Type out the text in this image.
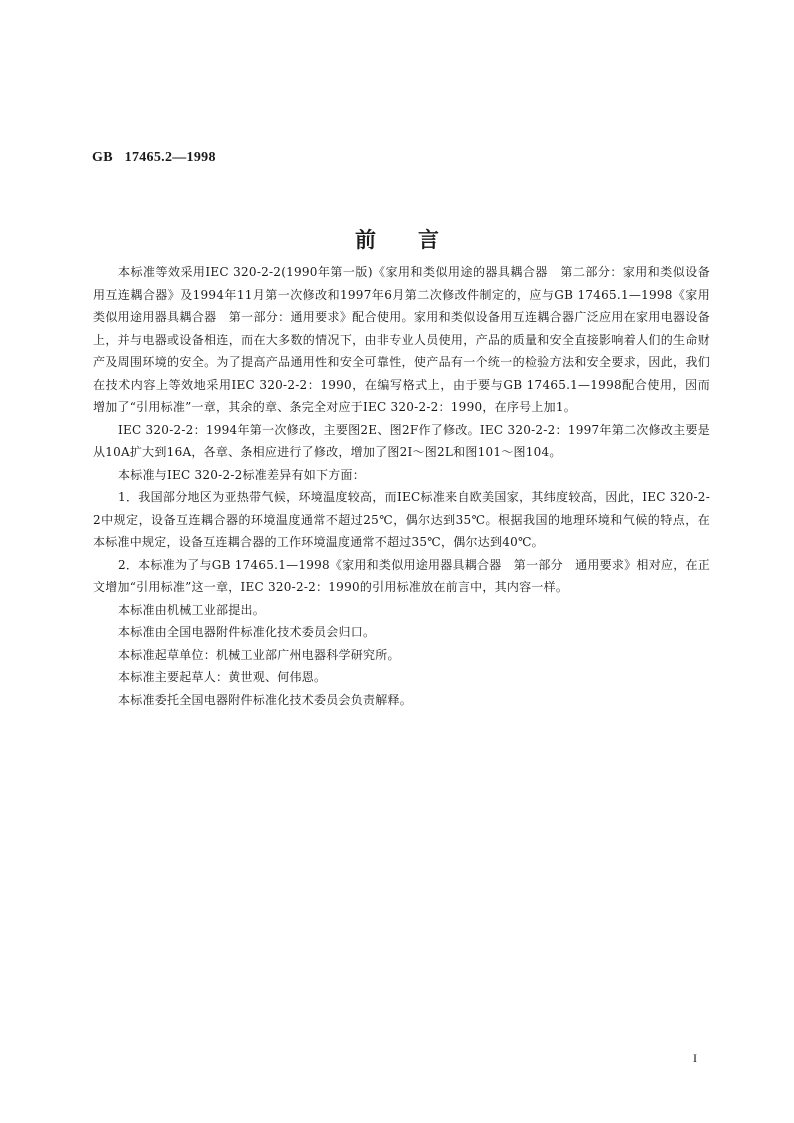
GB 17465.2—1998
前言

本标准等效采用IEC 320-2-2(1990年第一版)《家用和类似用途的器具耦合器　第二部分：家用和类似设备用互连耦合器》及1994年11月第一次修改和1997年6月第二次修改件制定的，应与GB 17465.1—1998《家用类似用途用器具耦合器　第一部分：通用要求》配合使用。家用和类似设备用互连耦合器广泛应用在家用电器设备上，并与电器或设备相连，而在大多数的情况下，由非专业人员使用，产品的质量和安全直接影响着人们的生命财产及周围环境的安全。为了提高产品通用性和安全可靠性，使产品有一个统一的检验方法和安全要求，因此，我们在技术内容上等效地采用IEC 320-2-2：1990，在编写格式上，由于要与GB 17465.1—1998配合使用，因而增加了“引用标准”一章，其余的章、条完全对应于IEC 320-2-2：1990，在序号上加1。

IEC 320-2-2：1994年第一次修改，主要图2E、图2F作了修改。IEC 320-2-2：1997年第二次修改主要是从10A扩大到16A，各章、条相应进行了修改，增加了图2I～图2L和图101～图104。

本标准与IEC 320-2-2标准差异有如下方面：

1．我国部分地区为亚热带气候，环境温度较高，而IEC标准来自欧美国家，其纬度较高，因此，IEC 320-2-2中规定，设备互连耦合器的环境温度通常不超过25℃，偶尔达到35℃。根据我国的地理环境和气候的特点，在本标准中规定，设备互连耦合器的工作环境温度通常不超过35℃，偶尔达到40℃。

2．本标准为了与GB 17465.1—1998《家用和类似用途用器具耦合器　第一部分　通用要求》相对应，在正文增加“引用标准”这一章，IEC 320-2-2：1990的引用标准放在前言中，其内容一样。

本标准由机械工业部提出。

本标准由全国电器附件标准化技术委员会归口。

本标准起草单位：机械工业部广州电器科学研究所。

本标准主要起草人：黄世观、何伟恩。

本标准委托全国电器附件标准化技术委员会负责解释。

I
